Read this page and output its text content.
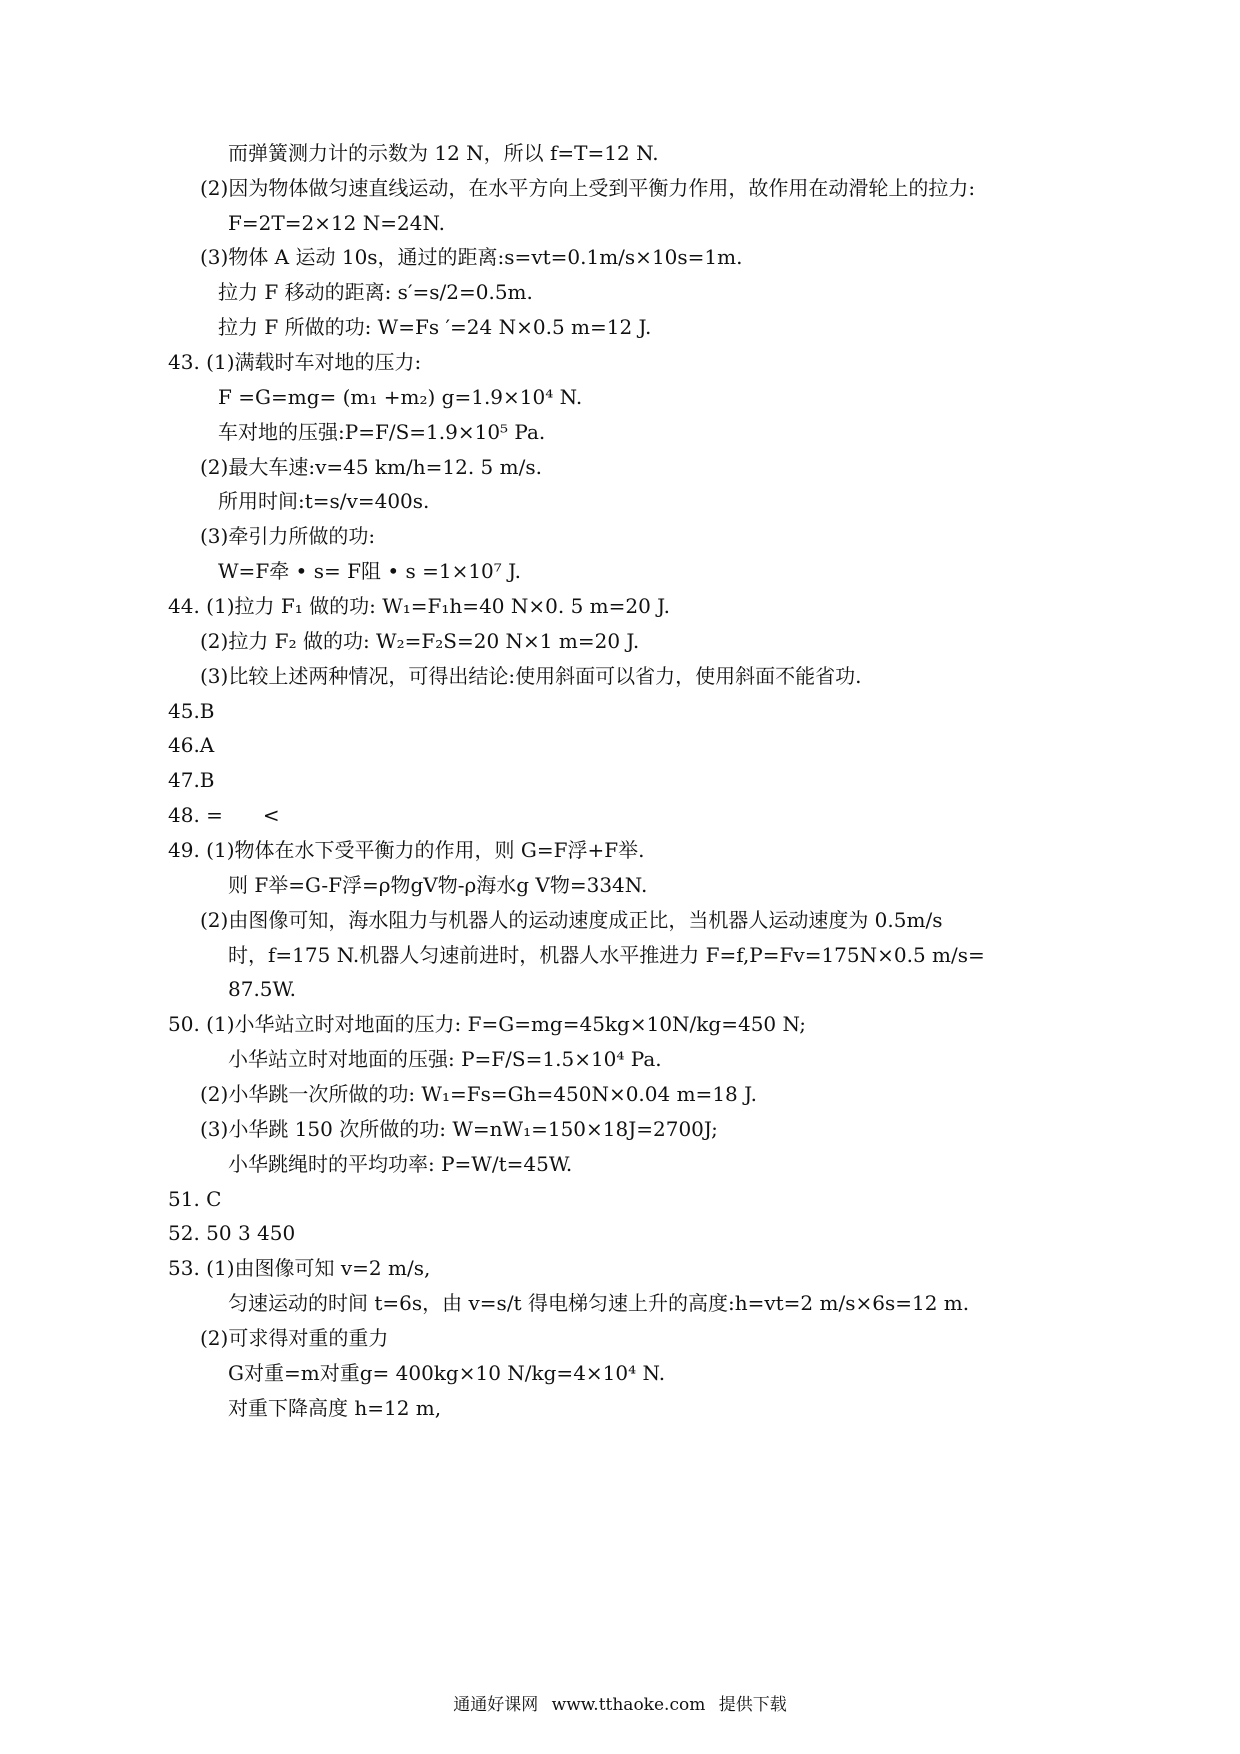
而弹簧测力计的示数为 12 N，所以 f=T=12 N.
(2)因为物体做匀速直线运动，在水平方向上受到平衡力作用，故作用在动滑轮上的拉力:
F=2T=2×12 N=24N.
(3)物体 A 运动 10s，通过的距离:s=vt=0.1m/s×10s=1m.
拉力 F 移动的距离: s′=s/2=0.5m.
拉力 F 所做的功: W=Fs ′=24 N×0.5 m=12 J.
43. (1)满载时车对地的压力:
F =G=mg= (m₁ +m₂) g=1.9×10⁴ N.
车对地的压强:P=F/S=1.9×10⁵ Pa.
(2)最大车速:v=45 km/h=12. 5 m/s.
所用时间:t=s/v=400s.
(3)牵引力所做的功:
W=F牵 • s= F阻 • s =1×10⁷ J.
44. (1)拉力 F₁ 做的功: W₁=F₁h=40 N×0. 5 m=20 J.
(2)拉力 F₂ 做的功: W₂=F₂S=20 N×1 m=20 J.
(3)比较上述两种情况，可得出结论:使用斜面可以省力，使用斜面不能省功.
45.B
46.A
47.B
48. =　　<
49. (1)物体在水下受平衡力的作用，则 G=F浮+F举.
则 F举=G-F浮=ρ物gV物-ρ海水g V物=334N.
(2)由图像可知，海水阻力与机器人的运动速度成正比，当机器人运动速度为 0.5m/s
时，f=175 N.机器人匀速前进时，机器人水平推进力 F=f,P=Fv=175N×0.5 m/s=
87.5W.
50. (1)小华站立时对地面的压力: F=G=mg=45kg×10N/kg=450 N;
小华站立时对地面的压强: P=F/S=1.5×10⁴ Pa.
(2)小华跳一次所做的功: W₁=Fs=Gh=450N×0.04 m=18 J.
(3)小华跳 150 次所做的功: W=nW₁=150×18J=2700J;
小华跳绳时的平均功率: P=W/t=45W.
51. C
52. 50 3 450
53. (1)由图像可知 v=2 m/s,
匀速运动的时间 t=6s，由 v=s/t 得电梯匀速上升的高度:h=vt=2 m/s×6s=12 m.
(2)可求得对重的重力
G对重=m对重g= 400kg×10 N/kg=4×10⁴ N.
对重下降高度 h=12 m,
通通好课网 www.tthaoke.com 提供下载
